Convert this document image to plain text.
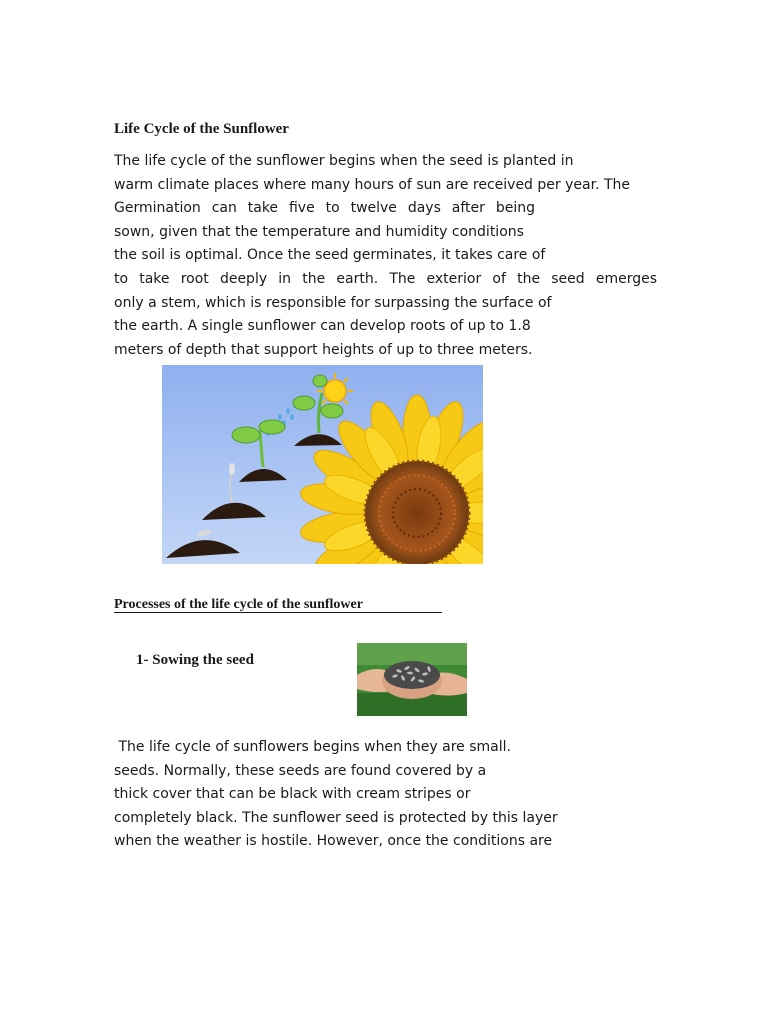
Life Cycle of the Sunflower
The life cycle of the sunflower begins when the seed is planted in
warm climate places where many hours of sun are received per year. The
Germination can take five to twelve days after being
sown, given that the temperature and humidity conditions
the soil is optimal. Once the seed germinates, it takes care of
to take root deeply in the earth. The exterior of the seed emerges
only a stem, which is responsible for surpassing the surface of
the earth. A single sunflower can develop roots of up to 1.8
meters of depth that support heights of up to three meters.
Processes of the life cycle of the sunflower
1- Sowing the seed
The life cycle of sunflowers begins when they are small.
seeds. Normally, these seeds are found covered by a
thick cover that can be black with cream stripes or
completely black. The sunflower seed is protected by this layer
when the weather is hostile. However, once the conditions are
